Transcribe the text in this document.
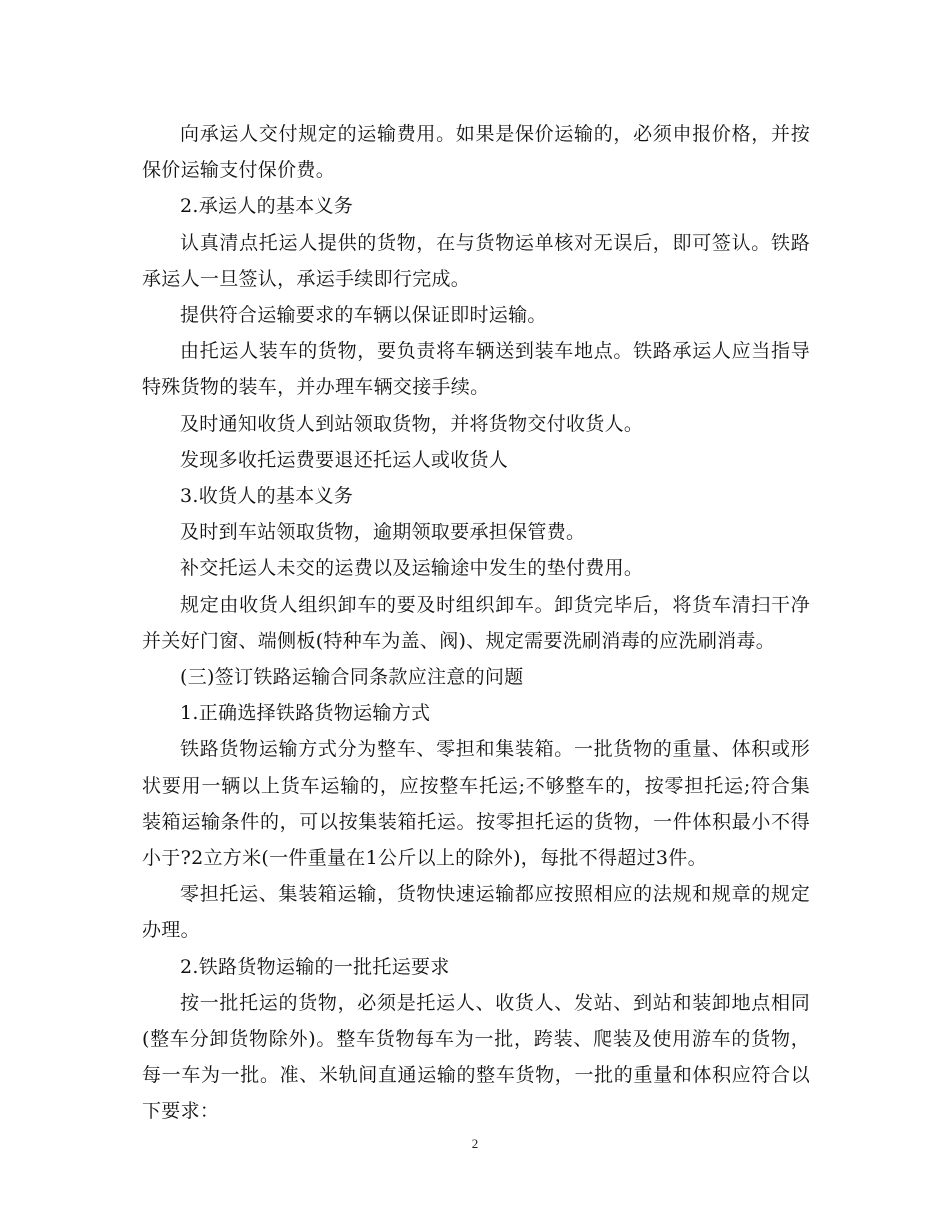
向承运人交付规定的运输费用。如果是保价运输的，必须申报价格，并按保价运输支付保价费。

2.承运人的基本义务

认真清点托运人提供的货物，在与货物运单核对无误后，即可签认。铁路承运人一旦签认，承运手续即行完成。

提供符合运输要求的车辆以保证即时运输。

由托运人装车的货物，要负责将车辆送到装车地点。铁路承运人应当指导特殊货物的装车，并办理车辆交接手续。

及时通知收货人到站领取货物，并将货物交付收货人。

发现多收托运费要退还托运人或收货人

3.收货人的基本义务

及时到车站领取货物，逾期领取要承担保管费。

补交托运人未交的运费以及运输途中发生的垫付费用。

规定由收货人组织卸车的要及时组织卸车。卸货完毕后，将货车清扫干净并关好门窗、端侧板(特种车为盖、阀)、规定需要洗刷消毒的应洗刷消毒。

(三)签订铁路运输合同条款应注意的问题

1.正确选择铁路货物运输方式

铁路货物运输方式分为整车、零担和集装箱。一批货物的重量、体积或形状要用一辆以上货车运输的，应按整车托运;不够整车的，按零担托运;符合集装箱运输条件的，可以按集装箱托运。按零担托运的货物，一件体积最小不得小于?2立方米(一件重量在1公斤以上的除外)，每批不得超过3件。

零担托运、集装箱运输，货物快速运输都应按照相应的法规和规章的规定办理。

2.铁路货物运输的一批托运要求

按一批托运的货物，必须是托运人、收货人、发站、到站和装卸地点相同(整车分卸货物除外)。整车货物每车为一批，跨装、爬装及使用游车的货物，每一车为一批。准、米轨间直通运输的整车货物，一批的重量和体积应符合以下要求：

2
